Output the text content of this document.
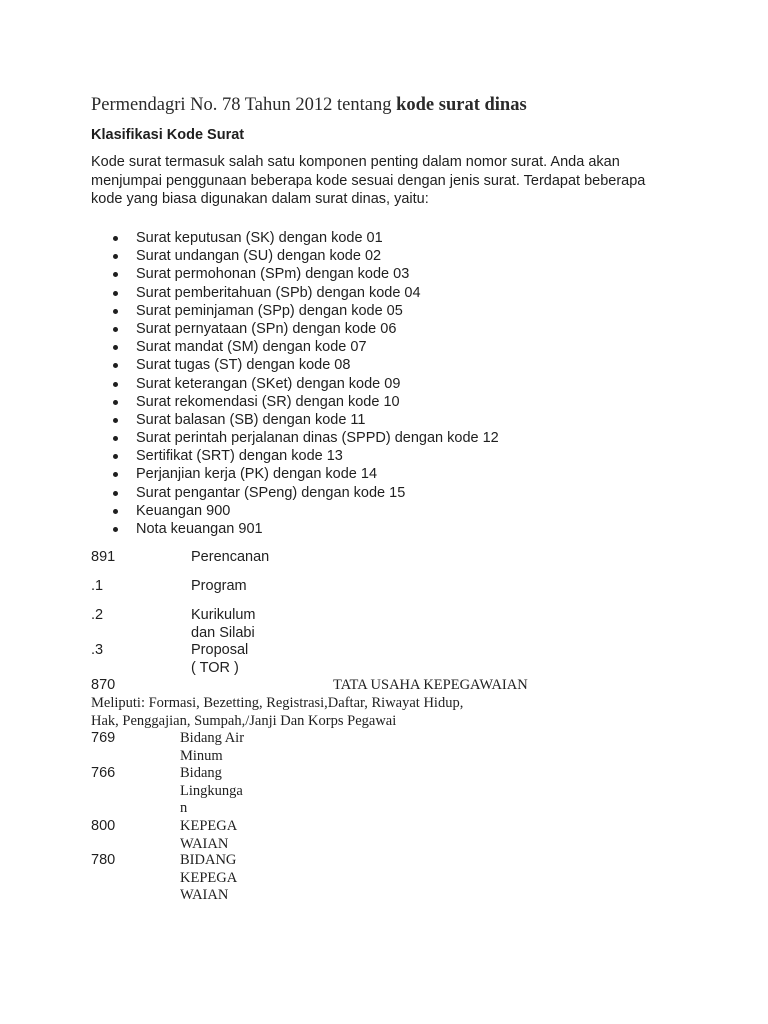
Permendagri No. 78 Tahun 2012 tentang kode surat dinas
Klasifikasi Kode Surat
Kode surat termasuk salah satu komponen penting dalam nomor surat. Anda akan
menjumpai penggunaan beberapa kode sesuai dengan jenis surat. Terdapat beberapa
kode yang biasa digunakan dalam surat dinas, yaitu:
Surat keputusan (SK) dengan kode 01
Surat undangan (SU) dengan kode 02
Surat permohonan (SPm) dengan kode 03
Surat pemberitahuan (SPb) dengan kode 04
Surat peminjaman (SPp) dengan kode 05
Surat pernyataan (SPn) dengan kode 06
Surat mandat (SM) dengan kode 07
Surat tugas (ST) dengan kode 08
Surat keterangan (SKet) dengan kode 09
Surat rekomendasi (SR) dengan kode 10
Surat balasan (SB) dengan kode 11
Surat perintah perjalanan dinas (SPPD) dengan kode 12
Sertifikat (SRT) dengan kode 13
Perjanjian kerja (PK) dengan kode 14
Surat pengantar (SPeng) dengan kode 15
Keuangan 900
Nota keuangan 901
891	Perencanan
.1	Program
.2	Kurikulum
dan Silabi
.3	Proposal
( TOR )
870	TATA USAHA KEPEGAWAIAN
Meliputi: Formasi, Bezetting, Registrasi,Daftar, Riwayat Hidup,
Hak, Penggajian, Sumpah,/Janji Dan Korps Pegawai
769	Bidang Air
Minum
766	Bidang
Lingkunga
n
800	KEPEGA
WAIAN
780	BIDANG
KEPEGA
WAIAN
